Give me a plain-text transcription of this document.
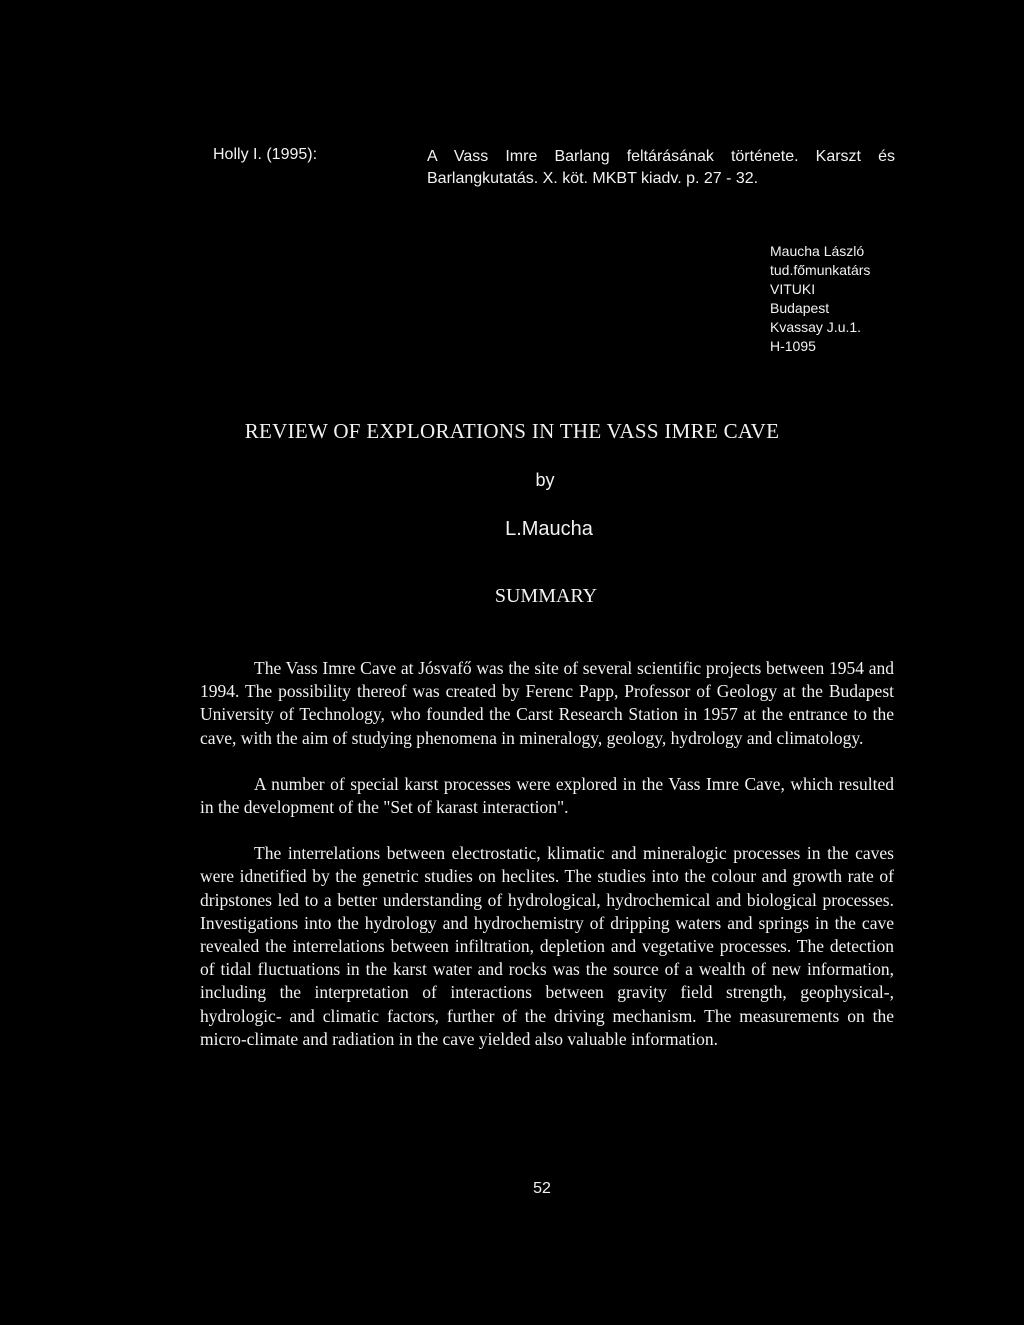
Holly I. (1995):	A Vass Imre Barlang feltárásának története. Karszt és Barlangkutatás. X. köt. MKBT kiadv. p. 27 - 32.
Maucha László
tud.főmunkatárs
VITUKI
Budapest
Kvassay J.u.1.
H-1095
REVIEW OF EXPLORATIONS IN THE VASS IMRE CAVE
by
L.Maucha
SUMMARY

The Vass Imre Cave at Jósvafő was the site of several scientific projects between 1954 and 1994. The possibility thereof was created by Ferenc Papp, Professor of Geology at the Budapest University of Technology, who founded the Carst Research Station in 1957 at the entrance to the cave, with the aim of studying phenomena in mineralogy, geology, hydrology and climatology.

A number of special karst processes were explored in the Vass Imre Cave, which resulted in the development of the "Set of karast interaction".

The interrelations between electrostatic, klimatic and mineralogic processes in the caves were idnetified by the genetric studies on heclites. The studies into the colour and growth rate of dripstones led to a better understanding of hydrological, hydrochemical and biological processes. Investigations into the hydrology and hydrochemistry of dripping waters and springs in the cave revealed the interrelations between infiltration, depletion and vegetative processes. The detection of tidal fluctuations in the karst water and rocks was the source of a wealth of new information, including the interpretation of interactions between gravity field strength, geophysical-, hydrologic- and climatic factors, further of the driving mechanism. The measurements on the micro-climate and radiation in the cave yielded also valuable information.

52
